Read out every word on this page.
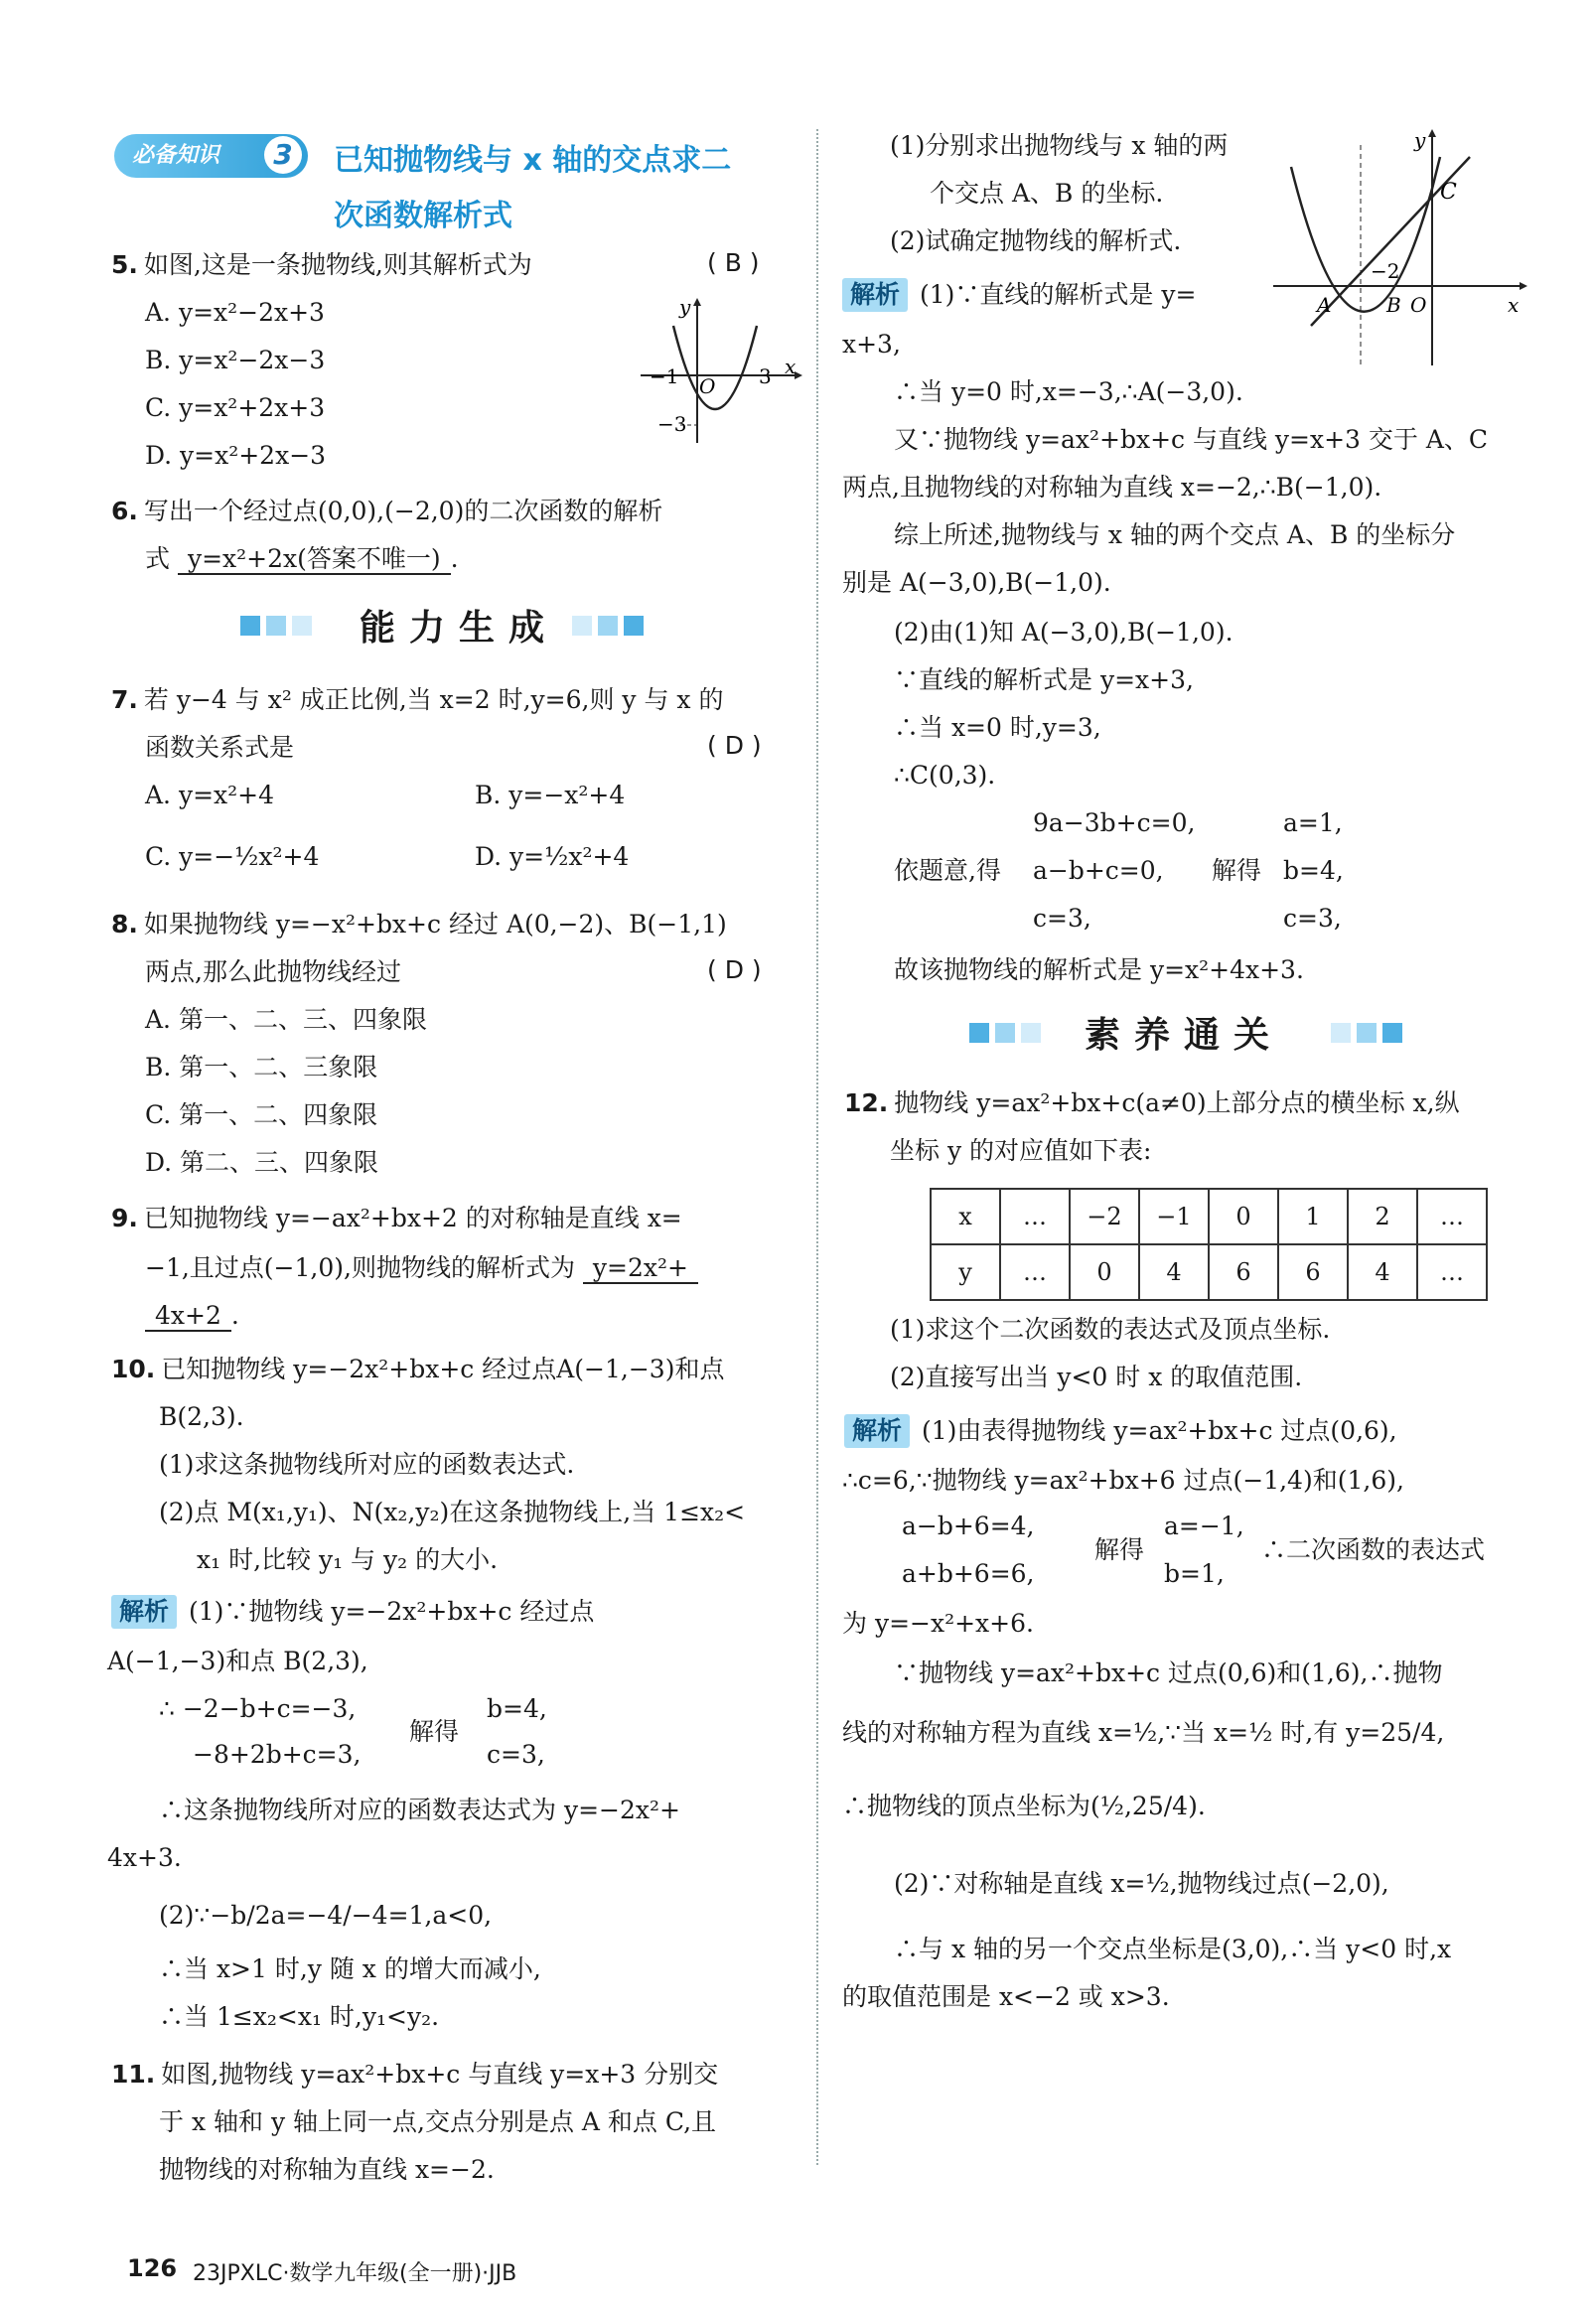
必备知识	3	已知抛物线与 x 轴的交点求二
次函数解析式
5. 如图,这是一条抛物线,则其解析式为	( B )
A. y=x²−2x+3
B. y=x²−2x−3
C. y=x²+2x+3
D. y=x²+2x−3
y
x
−1 O 3
−3
6. 写出一个经过点(0,0),(−2,0)的二次函数的解析
式 y=x²+2x(答案不唯一) .
能力生成
7. 若 y−4 与 x² 成正比例,当 x=2 时,y=6,则 y 与 x 的
函数关系式是	( D )
A. y=x²+4	B. y=−x²+4
C. y=−½x²+4	D. y=½x²+4
8. 如果抛物线 y=−x²+bx+c 经过 A(0,−2)、B(−1,1)
两点,那么此抛物线经过	( D )
A. 第一、二、三、四象限
B. 第一、二、三象限
C. 第一、二、四象限
D. 第二、三、四象限
9. 已知抛物线 y=−ax²+bx+2 的对称轴是直线 x=
−1,且过点(−1,0),则抛物线的解析式为 y=2x²+
4x+2 .
10. 已知抛物线 y=−2x²+bx+c 经过点A(−1,−3)和点
B(2,3).
(1)求这条抛物线所对应的函数表达式.
(2)点 M(x₁,y₁)、N(x₂,y₂)在这条抛物线上,当 1≤x₂<
x₁ 时,比较 y₁ 与 y₂ 的大小.
解析 (1)∵抛物线 y=−2x²+bx+c 经过点
A(−1,−3)和点 B(2,3),
∴ −2−b+c=−3,
−8+2b+c=3,
解得
b=4,
c=3,
∴这条抛物线所对应的函数表达式为 y=−2x²+
4x+3.
(2)∵−b/2a=−4/−4=1,a<0,
∴当 x>1 时,y 随 x 的增大而减小,
∴当 1≤x₂<x₁ 时,y₁<y₂.
11. 如图,抛物线 y=ax²+bx+c 与直线 y=x+3 分别交
于 x 轴和 y 轴上同一点,交点分别是点 A 和点 C,且
抛物线的对称轴为直线 x=−2.
126 23JPXLC·数学 九年级(全一册)·JJB
(1)分别求出抛物线与 x 轴的两
个交点 A、B 的坐标.
(2)试确定抛物线的解析式.
y
x
C
A	B O
−2
解析 (1)∵直线的解析式是 y=
x+3,
∴当 y=0 时,x=−3,∴A(−3,0).
又∵抛物线 y=ax²+bx+c 与直线 y=x+3 交于 A、C
两点,且抛物线的对称轴为直线 x=−2,∴B(−1,0).
综上所述,抛物线与 x 轴的两个交点 A、B 的坐标分
别是 A(−3,0),B(−1,0).
(2)由(1)知 A(−3,0),B(−1,0).
∵直线的解析式是 y=x+3,
∴当 x=0 时,y=3,
∴C(0,3).
依题意,得
9a−3b+c=0,
a−b+c=0,
c=3,
解得
a=1,
b=4,
c=3,
故该抛物线的解析式是 y=x²+4x+3.
素养通关
12. 抛物线 y=ax²+bx+c(a≠0)上部分点的横坐标 x,纵
坐标 y 的对应值如下表:
x	…	−2	−1	0	1	2	…
y	…	0	4	6	6	4	…
(1)求这个二次函数的表达式及顶点坐标.
(2)直接写出当 y<0 时 x 的取值范围.
解析 (1)由表得抛物线 y=ax²+bx+c 过点(0,6),
∴c=6,∵抛物线 y=ax²+bx+6 过点(−1,4)和(1,6),
a−b+6=4,
a+b+6=6,
解得
a=−1,
b=1,
∴二次函数的表达式
为 y=−x²+x+6.
∵抛物线 y=ax²+bx+c 过点(0,6)和(1,6),∴抛物
线的对称轴方程为直线 x=½,∵当 x=½ 时,有 y=25/4,
∴抛物线的顶点坐标为(½,25/4).
(2)∵对称轴是直线 x=½,抛物线过点(−2,0),
∴与 x 轴的另一个交点坐标是(3,0),∴当 y<0 时,x
的取值范围是 x<−2 或 x>3.
